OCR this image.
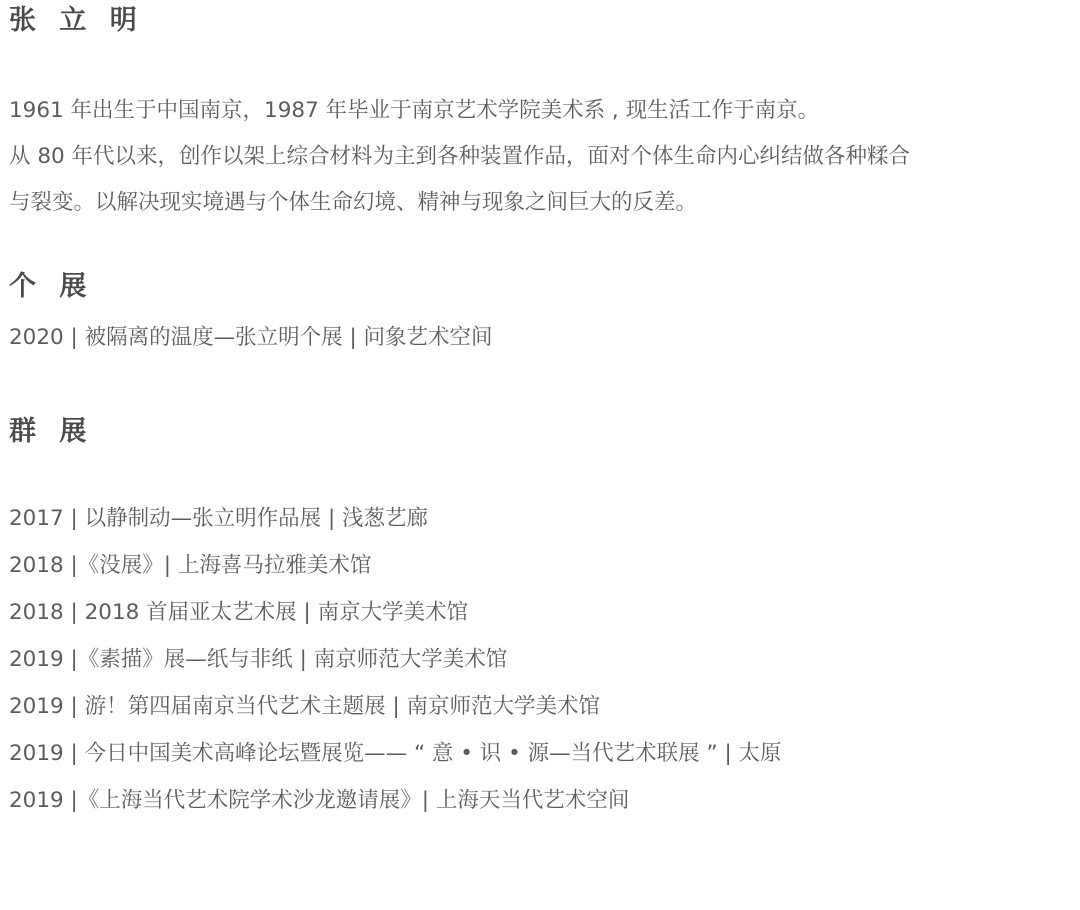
张 立 明

1961 年出生于中国南京，1987 年毕业于南京艺术学院美术系 , 现生活工作于南京。

从 80 年代以来，创作以架上综合材料为主到各种装置作品，面对个体生命内心纠结做各种糅合

与裂变。以解决现实境遇与个体生命幻境、精神与现象之间巨大的反差。

个 展
2020 | 被隔离的温度—张立明个展 | 问象艺术空间
群 展
2017 | 以静制动—张立明作品展 | 浅葱艺廊
2018 |《没展》| 上海喜马拉雅美术馆
2018 | 2018 首届亚太艺术展 | 南京大学美术馆
2019 |《素描》展—纸与非纸 | 南京师范大学美术馆
2019 | 游！第四届南京当代艺术主题展 | 南京师范大学美术馆
2019 | 今日中国美术高峰论坛暨展览—— “ 意 • 识 • 源—当代艺术联展 ” | 太原
2019 |《上海当代艺术院学术沙龙邀请展》| 上海天当代艺术空间
